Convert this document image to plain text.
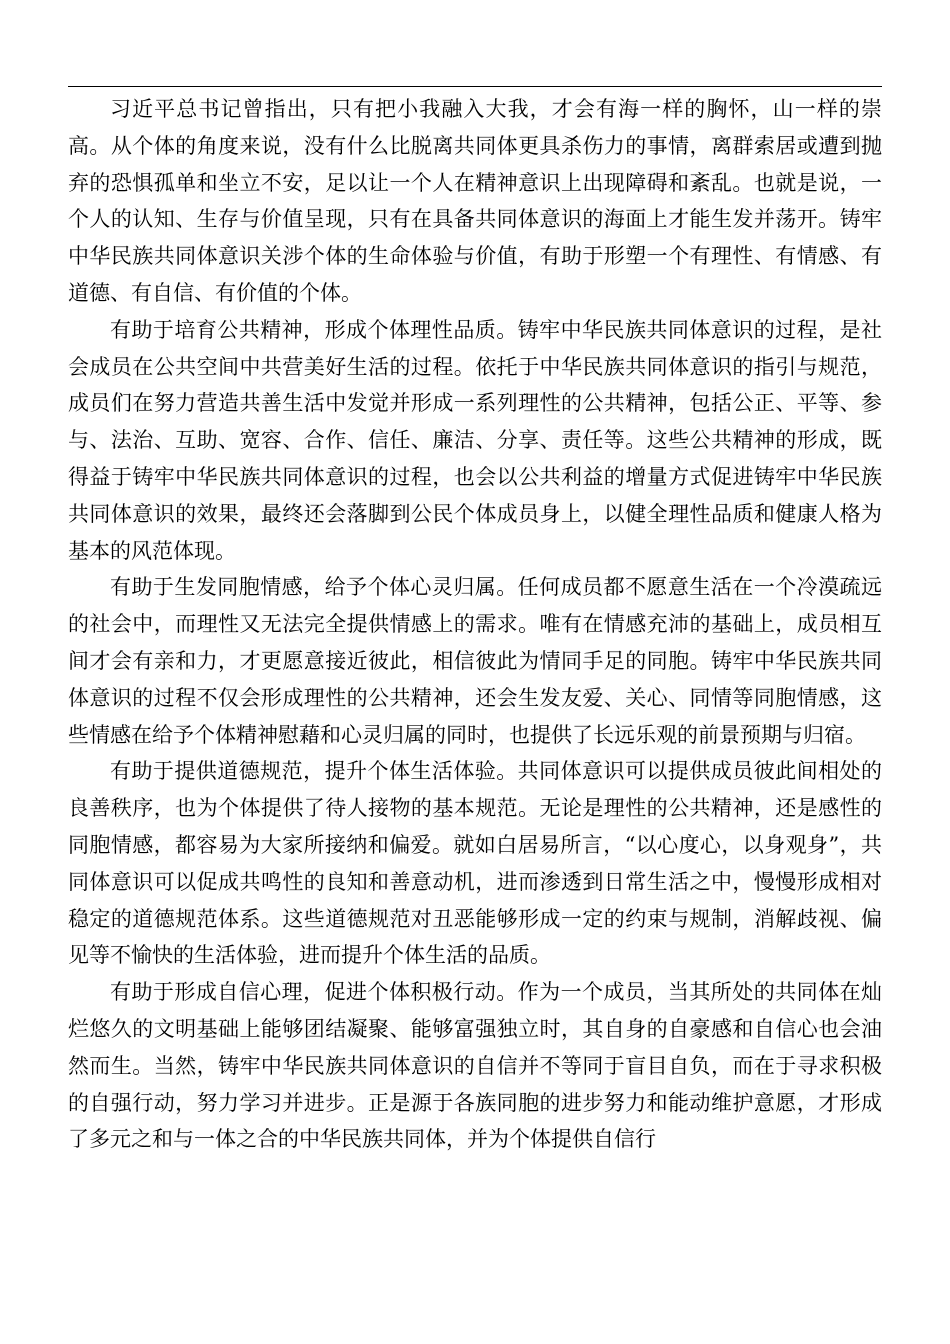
习近平总书记曾指出，只有把小我融入大我，才会有海一样的胸怀，山一样的崇高。从个体的角度来说，没有什么比脱离共同体更具杀伤力的事情，离群索居或遭到抛弃的恐惧孤单和坐立不安，足以让一个人在精神意识上出现障碍和紊乱。也就是说，一个人的认知、生存与价值呈现，只有在具备共同体意识的海面上才能生发并荡开。铸牢中华民族共同体意识关涉个体的生命体验与价值，有助于形塑一个有理性、有情感、有道德、有自信、有价值的个体。

有助于培育公共精神，形成个体理性品质。铸牢中华民族共同体意识的过程，是社会成员在公共空间中共营美好生活的过程。依托于中华民族共同体意识的指引与规范，成员们在努力营造共善生活中发觉并形成一系列理性的公共精神，包括公正、平等、参与、法治、互助、宽容、合作、信任、廉洁、分享、责任等。这些公共精神的形成，既得益于铸牢中华民族共同体意识的过程，也会以公共利益的增量方式促进铸牢中华民族共同体意识的效果，最终还会落脚到公民个体成员身上，以健全理性品质和健康人格为基本的风范体现。

有助于生发同胞情感，给予个体心灵归属。任何成员都不愿意生活在一个冷漠疏远的社会中，而理性又无法完全提供情感上的需求。唯有在情感充沛的基础上，成员相互间才会有亲和力，才更愿意接近彼此，相信彼此为情同手足的同胞。铸牢中华民族共同体意识的过程不仅会形成理性的公共精神，还会生发友爱、关心、同情等同胞情感，这些情感在给予个体精神慰藉和心灵归属的同时，也提供了长远乐观的前景预期与归宿。

有助于提供道德规范，提升个体生活体验。共同体意识可以提供成员彼此间相处的良善秩序，也为个体提供了待人接物的基本规范。无论是理性的公共精神，还是感性的同胞情感，都容易为大家所接纳和偏爱。就如白居易所言，“以心度心，以身观身”，共同体意识可以促成共鸣性的良知和善意动机，进而渗透到日常生活之中，慢慢形成相对稳定的道德规范体系。这些道德规范对丑恶能够形成一定的约束与规制，消解歧视、偏见等不愉快的生活体验，进而提升个体生活的品质。

有助于形成自信心理，促进个体积极行动。作为一个成员，当其所处的共同体在灿烂悠久的文明基础上能够团结凝聚、能够富强独立时，其自身的自豪感和自信心也会油然而生。当然，铸牢中华民族共同体意识的自信并不等同于盲目自负，而在于寻求积极的自强行动，努力学习并进步。正是源于各族同胞的进步努力和能动维护意愿，才形成了多元之和与一体之合的中华民族共同体，并为个体提供自信行
